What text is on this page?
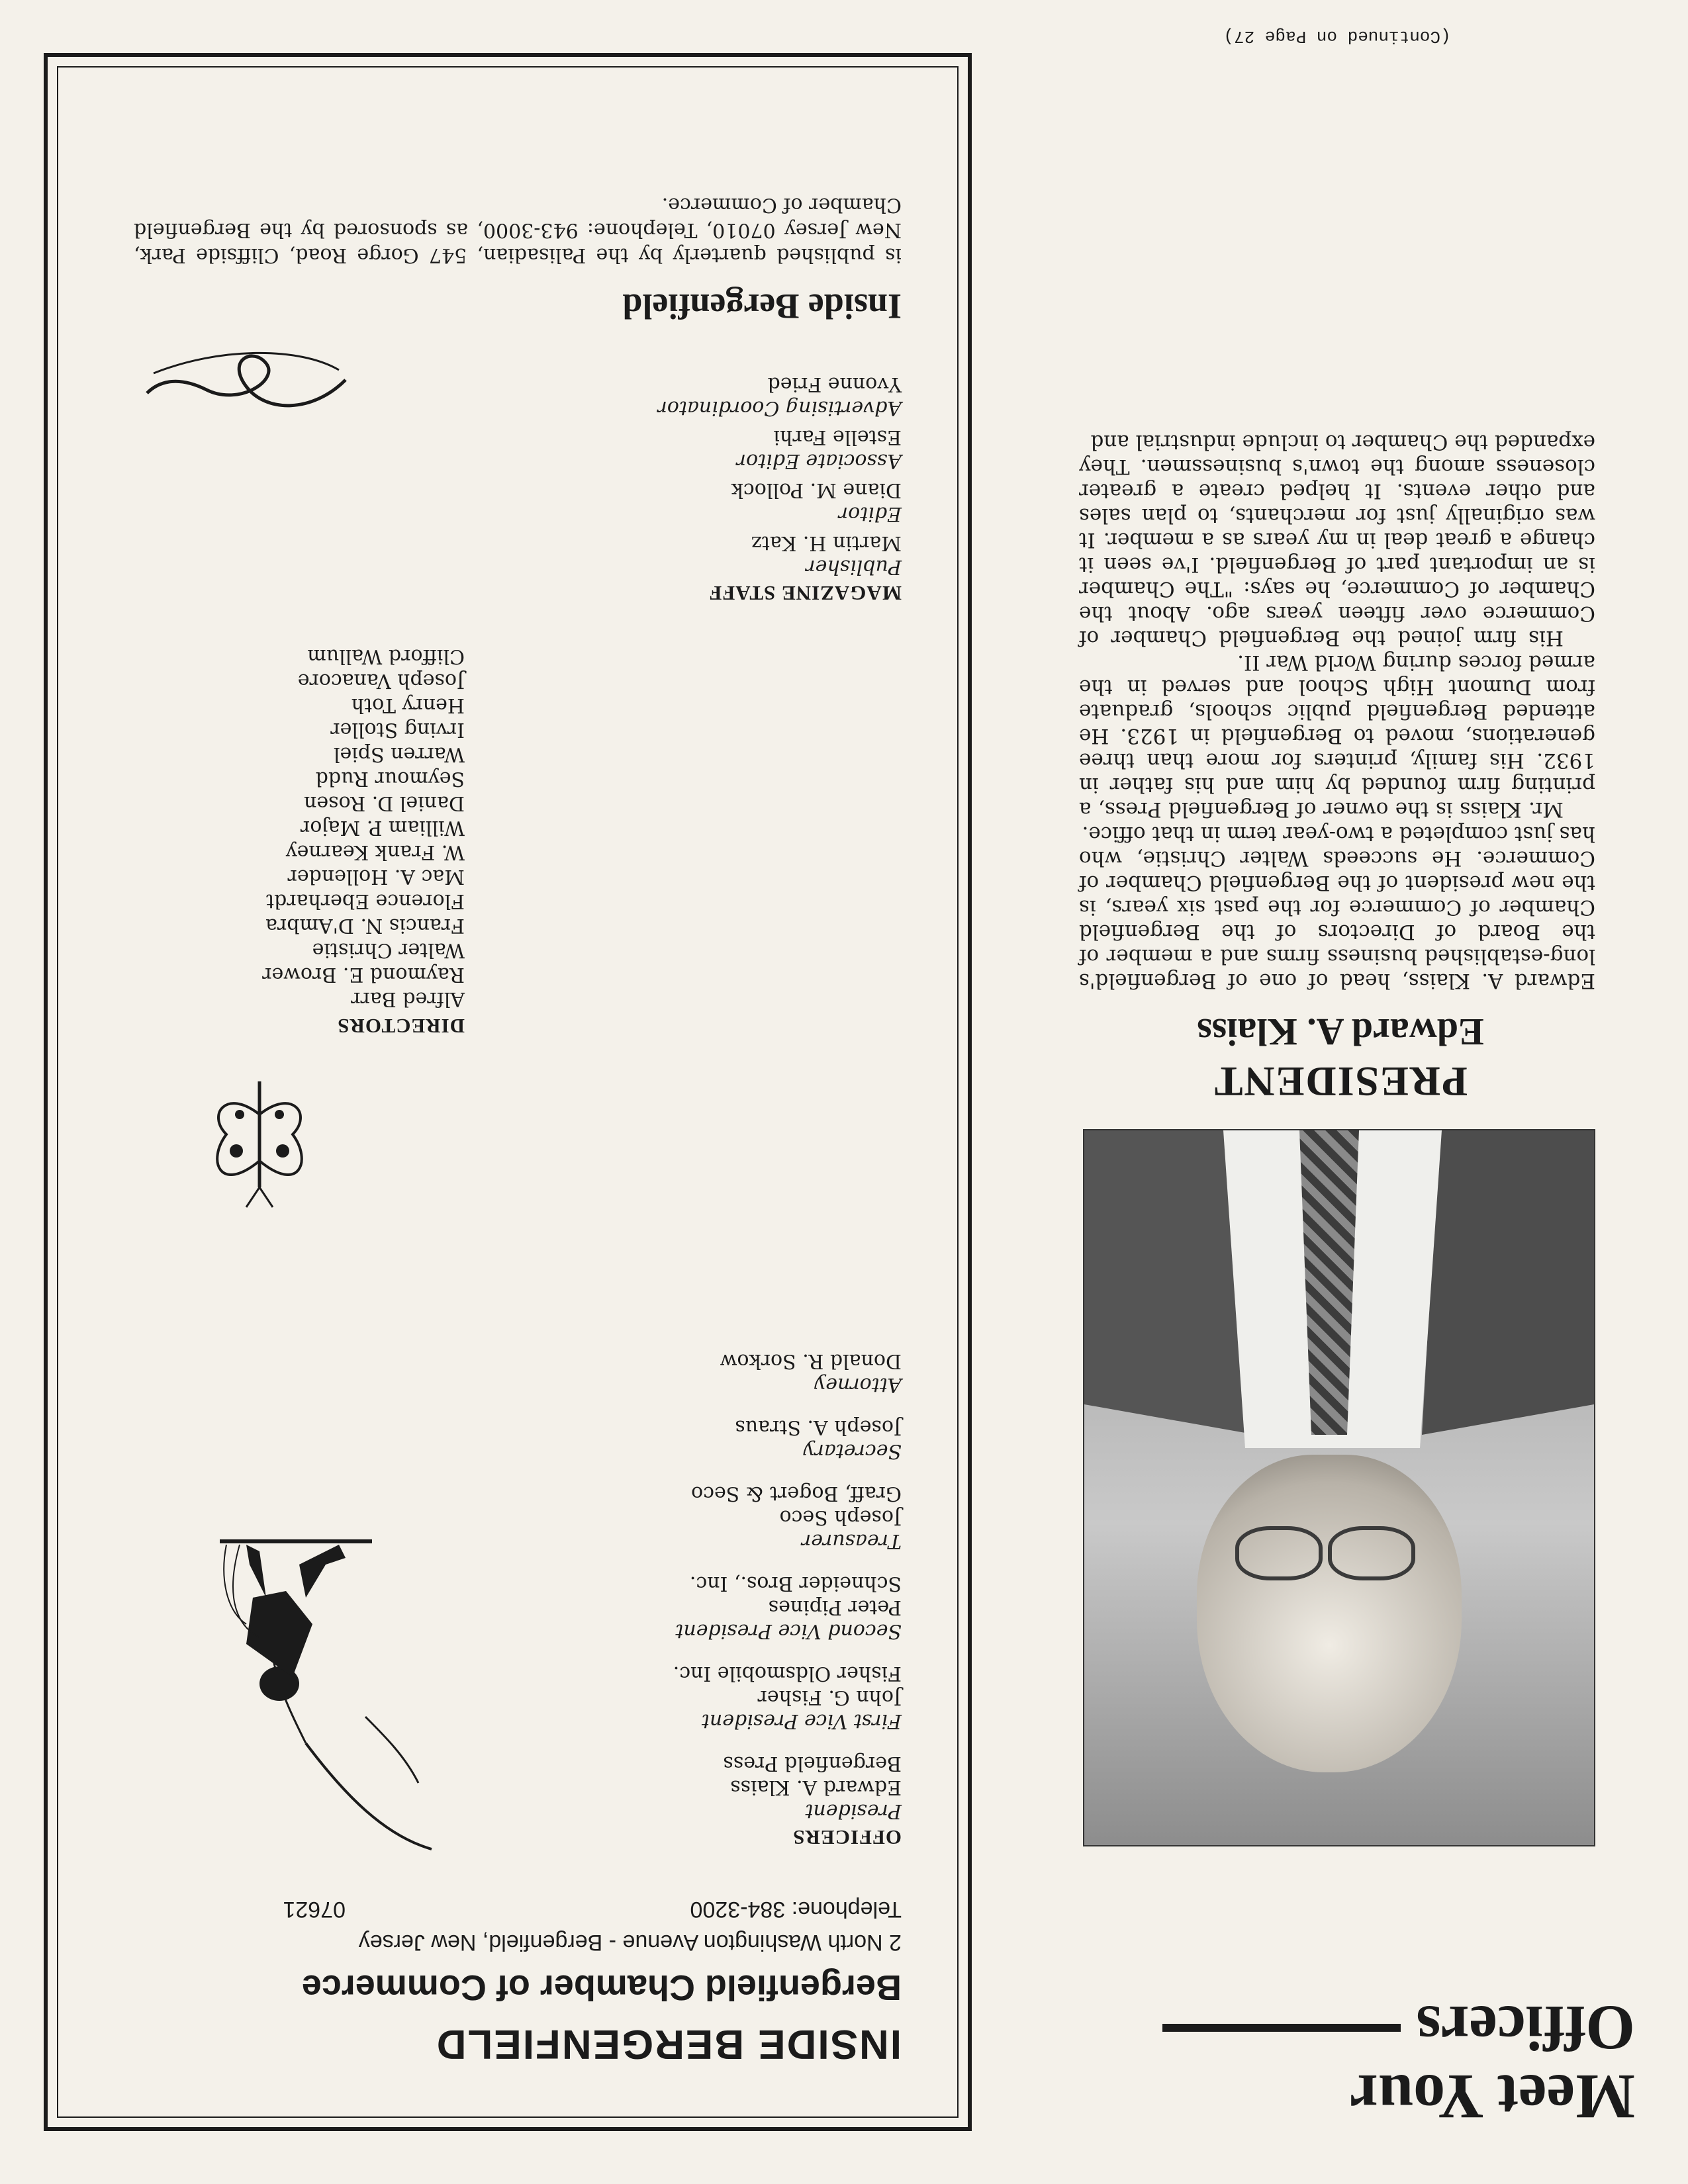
Meet Your
Officers
PRESIDENT
Edward A. Klaiss

Edward A. Klaiss, head of one of Bergenfield's long-established business firms and a member of the Board of Directors of the Bergenfield Chamber of Commerce for the past six years, is the new president of the Bergenfield Chamber of Commerce. He succeeds Walter Christie, who has just completed a two-year term in that office.

Mr. Klaiss is the owner of Bergenfield Press, a printing firm founded by him and his father in 1932. His family, printers for more than three generations, moved to Bergenfield in 1923. He attended Bergenfield public schools, graduate from Dumont High School and served in the armed forces during World War II.

His firm joined the Bergenfield Chamber of Commerce over fifteen years ago. About the Chamber of Commerce, he says: "The Chamber is an important part of Bergenfield. I've seen it change a great deal in my years as a member. It was originally just for merchants, to plan sales and other events. It helped create a greater closeness among the town's businessmen. They expanded the Chamber to include industrial and

(Continued on Page 27)
INSIDE BERGENFIELD
Bergenfield Chamber of Commerce

2 North Washington Avenue - Bergenfield, New Jersey

Telephone: 384-3200

07621

OFFICERS

President

Edward A. Klaiss

Bergenfield Press

First Vice President

John G. Fisher

Fisher Oldsmobile Inc.

Second Vice President

Peter Pipines

Schneider Bros., Inc.

Treasurer

Joseph Seco

Graff, Bogert & Seco

Secretary

Joseph A. Straus

Attorney

Donald R. Sorkow

DIRECTORS

Alfred Barr
Raymond E. Brower
Walter Christie
Francis N. D'Ambra
Florence Eberhardt
Mac A. Hollender
W. Frank Kearney
William P. Major
Daniel D. Rosen
Seymour Rudd
Warren Spiel
Irving Stoller
Henry Toth
Joseph Vanacore
Clifford Wallum

MAGAZINE STAFF

Publisher

Martin H. Katz

Editor

Diane M. Pollock

Associate Editor

Estelle Farhi

Advertising Coordinator

Yvonne Fried

Inside Bergenfield

is published quarterly by the Palisadian, 547 Gorge Road, Cliffside Park, New Jersey 07010, Telephone: 943-3000, as sponsored by the Bergenfield Chamber of Commerce.
